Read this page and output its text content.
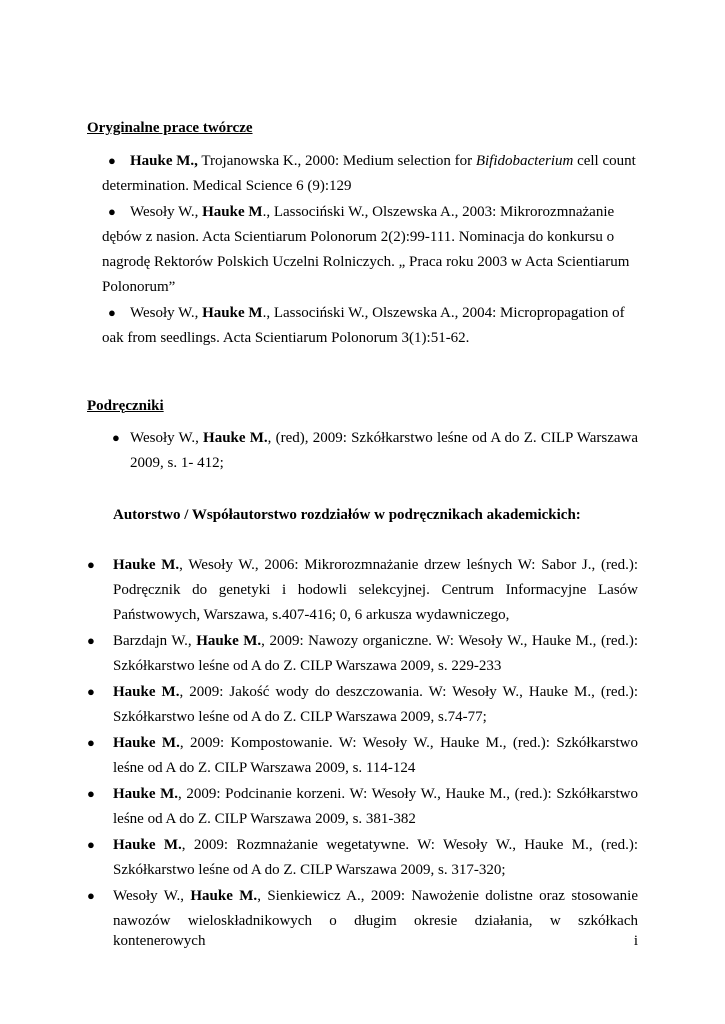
Oryginalne prace twórcze
● Hauke M., Trojanowska K., 2000: Medium selection for Bifidobacterium cell count
determination. Medical Science 6 (9):129
● Wesoły W., Hauke M., Lassociński W., Olszewska A., 2003: Mikrorozmnażanie
dębów z nasion. Acta Scientiarum Polonorum 2(2):99-111. Nominacja do konkursu o
nagrodę Rektorów Polskich Uczelni Rolniczych. „ Praca roku 2003 w Acta Scientiarum
Polonorum”
● Wesoły W., Hauke M., Lassociński W., Olszewska A., 2004: Micropropagation of
oak from seedlings. Acta Scientiarum Polonorum 3(1):51-62.
Podręczniki
● Wesoły W., Hauke M., (red), 2009: Szkółkarstwo leśne od A do Z. CILP Warszawa
2009, s. 1- 412;
Autorstwo / Współautorstwo rozdziałów w podręcznikach akademickich:
● Hauke M., Wesoły W., 2006: Mikrorozmnażanie drzew leśnych W: Sabor J., (red.):
Podręcznik do genetyki i hodowli selekcyjnej. Centrum Informacyjne Lasów
Państwowych, Warszawa, s.407-416; 0, 6 arkusza wydawniczego,
● Barzdajn W., Hauke M., 2009: Nawozy organiczne. W: Wesoły W., Hauke M., (red.):
Szkółkarstwo leśne od A do Z. CILP Warszawa 2009, s. 229-233
● Hauke M., 2009: Jakość wody do deszczowania. W: Wesoły W., Hauke M., (red.):
Szkółkarstwo leśne od A do Z. CILP Warszawa 2009, s.74-77;
● Hauke M., 2009: Kompostowanie. W: Wesoły W., Hauke M., (red.): Szkółkarstwo
leśne od A do Z. CILP Warszawa 2009, s. 114-124
● Hauke M., 2009: Podcinanie korzeni. W: Wesoły W., Hauke M., (red.): Szkółkarstwo
leśne od A do Z. CILP Warszawa 2009, s. 381-382
● Hauke M., 2009: Rozmnażanie wegetatywne. W: Wesoły W., Hauke M., (red.):
Szkółkarstwo leśne od A do Z. CILP Warszawa 2009, s. 317-320;
● Wesoły W., Hauke M., Sienkiewicz A., 2009: Nawożenie dolistne oraz stosowanie
nawozów wieloskładnikowych o długim okresie działania, w szkółkach kontenerowych i
